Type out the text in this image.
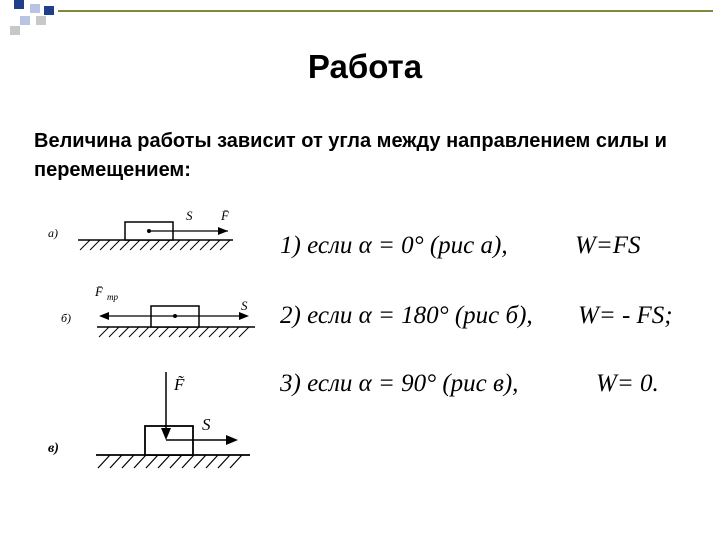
Работа
Величина работы зависит от угла между направлением силы и перемещением:
а)
S F̄
б)
F̄ тр
S
в)
F̃
S
1) если α = 0° (рис а),	W=FS
2) если α = 180° (рис б), W= - FS;
3) если α = 90° (рис в),	W= 0.
